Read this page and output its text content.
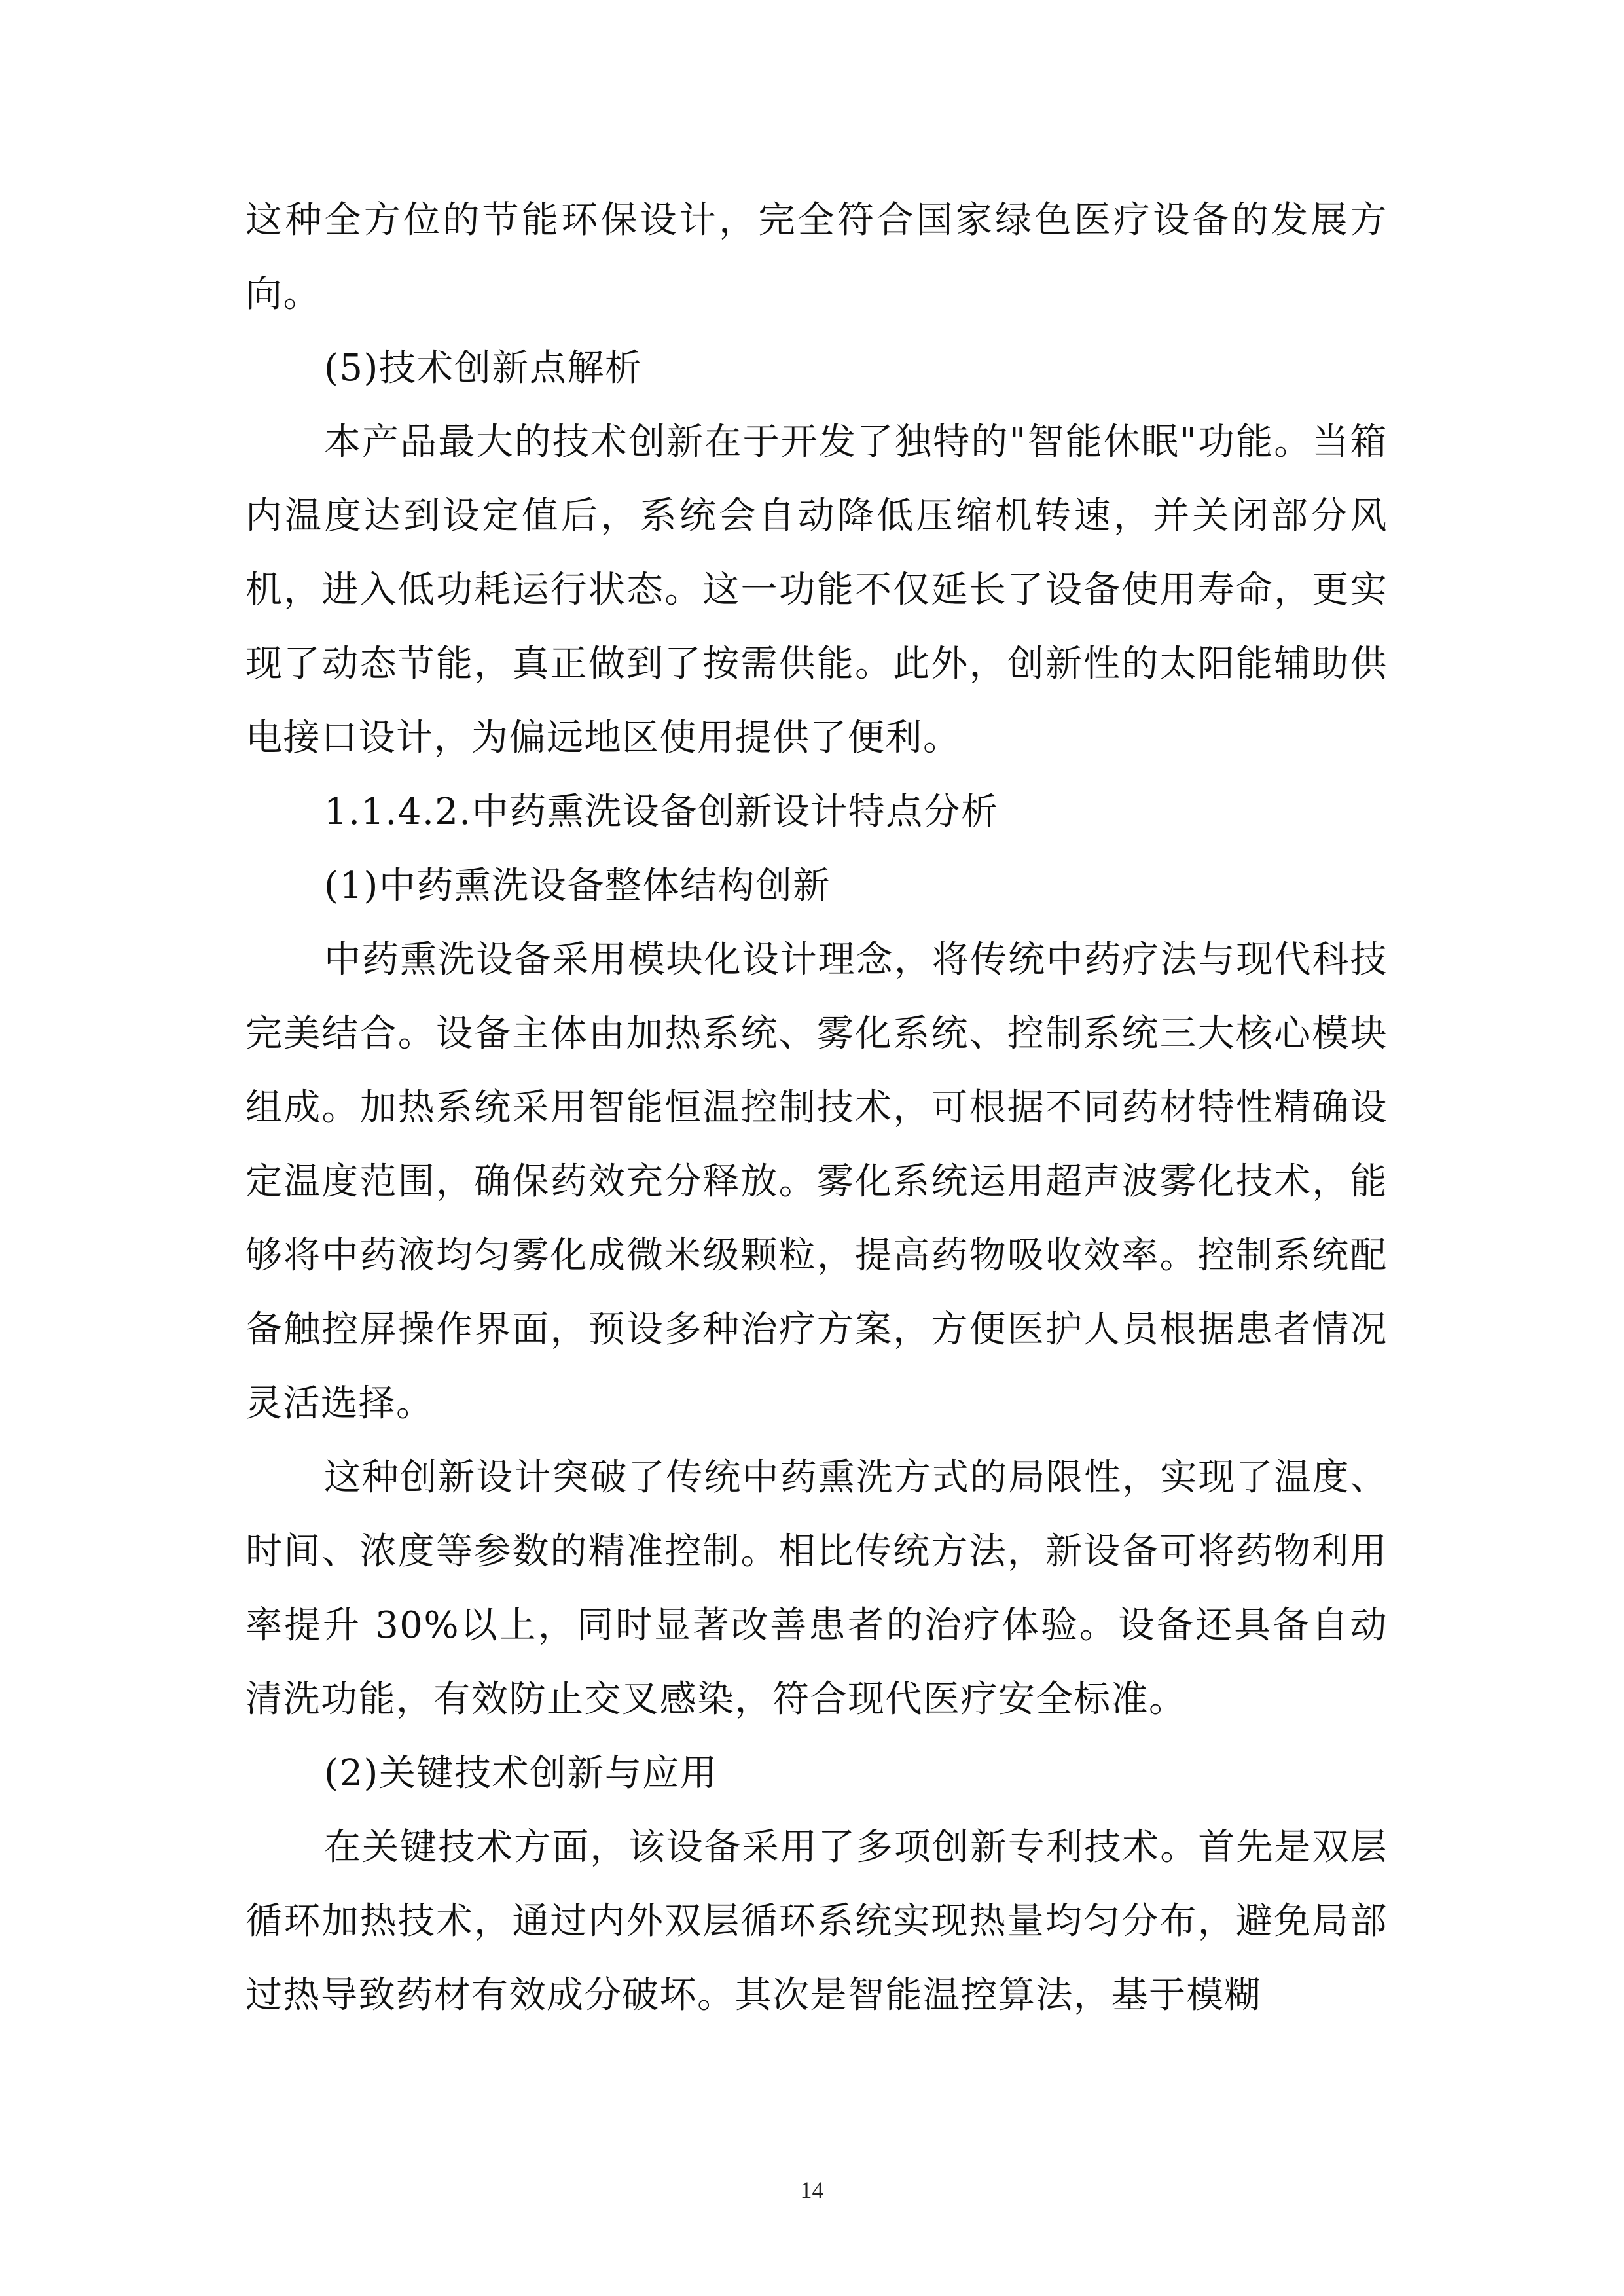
这种全方位的节能环保设计，完全符合国家绿色医疗设备的发展方向。

(5)技术创新点解析

本产品最大的技术创新在于开发了独特的"智能休眠"功能。当箱内温度达到设定值后，系统会自动降低压缩机转速，并关闭部分风机，进入低功耗运行状态。这一功能不仅延长了设备使用寿命，更实现了动态节能，真正做到了按需供能。此外，创新性的太阳能辅助供电接口设计，为偏远地区使用提供了便利。

1.1.4.2.中药熏洗设备创新设计特点分析

(1)中药熏洗设备整体结构创新

中药熏洗设备采用模块化设计理念，将传统中药疗法与现代科技完美结合。设备主体由加热系统、雾化系统、控制系统三大核心模块组成。加热系统采用智能恒温控制技术，可根据不同药材特性精确设定温度范围，确保药效充分释放。雾化系统运用超声波雾化技术，能够将中药液均匀雾化成微米级颗粒，提高药物吸收效率。控制系统配备触控屏操作界面，预设多种治疗方案，方便医护人员根据患者情况灵活选择。

这种创新设计突破了传统中药熏洗方式的局限性，实现了温度、时间、浓度等参数的精准控制。相比传统方法，新设备可将药物利用率提升 30%以上，同时显著改善患者的治疗体验。设备还具备自动清洗功能，有效防止交叉感染，符合现代医疗安全标准。

(2)关键技术创新与应用

在关键技术方面，该设备采用了多项创新专利技术。首先是双层循环加热技术，通过内外双层循环系统实现热量均匀分布，避免局部过热导致药材有效成分破坏。其次是智能温控算法，基于模糊

14
